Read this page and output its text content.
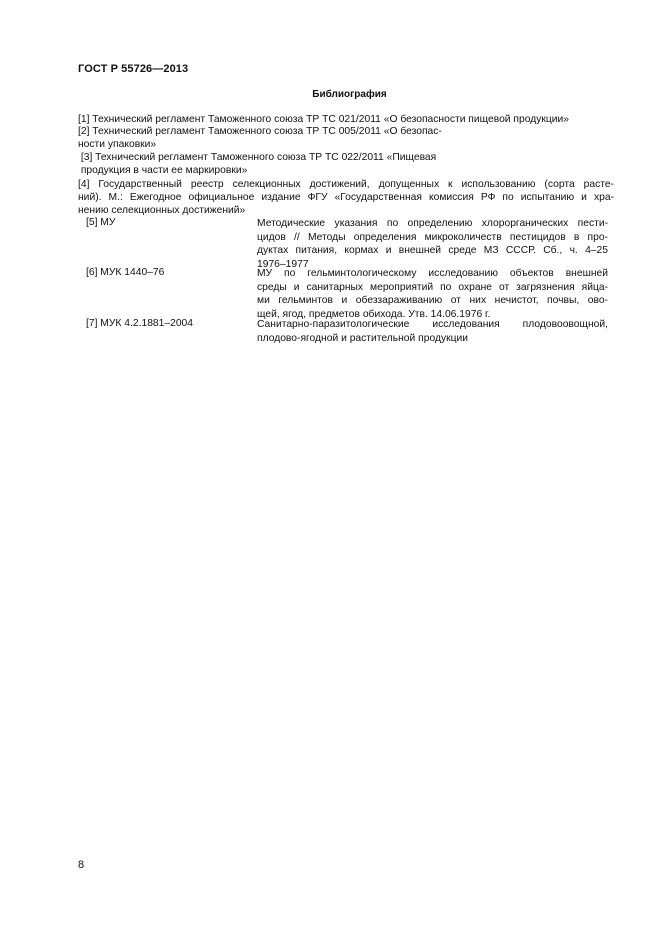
ГОСТ Р 55726—2013
Библиография
[1] Технический регламент Таможенного союза ТР ТС 021/2011 «О безопасности пищевой продукции»
[2] Технический регламент Таможенного союза ТР ТС 005/2011 «О безопас-
ности упаковки»
[3] Технический регламент Таможенного союза ТР ТС 022/2011 «Пищевая
продукция в части ее маркировки»
[4] Государственный реестр селекционных достижений, допущенных к использованию (сорта расте-
ний). М.: Ежегодное официальное издание ФГУ «Государственная комиссия РФ по испытанию и хра-
нению селекционных достижений»
[5] МУ	Методические указания по определению хлорорганических пести-
цидов // Методы определения микроколичеств пестицидов в про-
дуктах питания, кормах и внешней среде МЗ СССР. Сб., ч. 4–25
1976–1977
[6] МУК 1440–76	МУ по гельминтологическому исследованию объектов внешней
среды и санитарных мероприятий по охране от загрязнения яйца-
ми гельминтов и обеззараживанию от них нечистот, почвы, ово-
щей, ягод, предметов обихода. Утв. 14.06.1976 г.
[7] МУК 4.2.1881–2004	Санитарно-паразитологические исследования плодовоовощной,
плодово-ягодной и растительной продукции
8
